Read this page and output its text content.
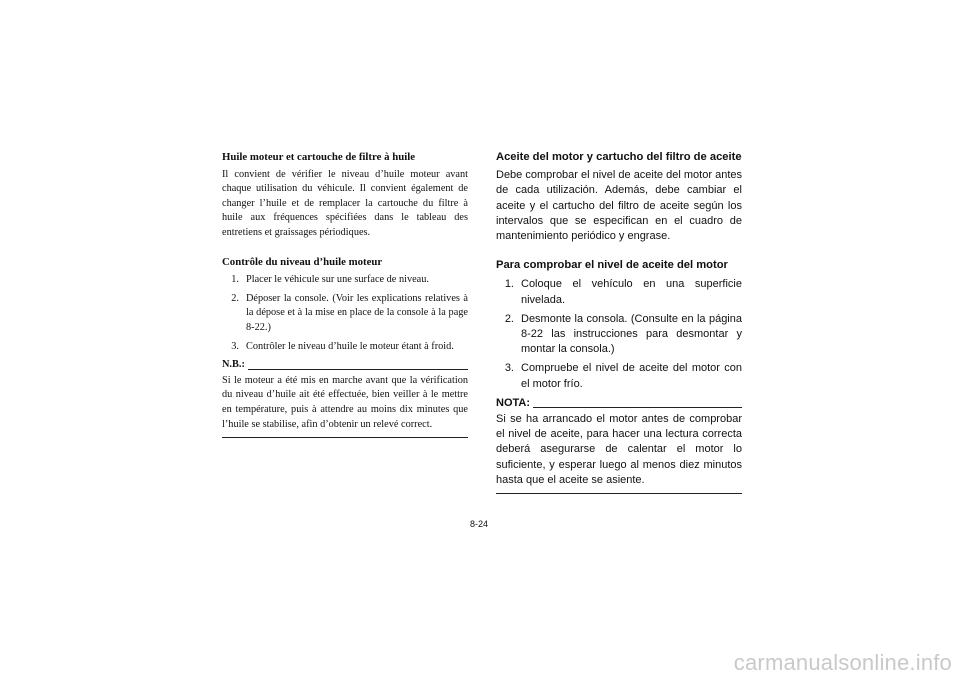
Huile moteur et cartouche de filtre à huile

Il convient de vérifier le niveau d’huile moteur avant chaque utilisation du véhicule. Il convient également de changer l’huile et de remplacer la cartouche du filtre à huile aux fréquences spécifiées dans le tableau des entretiens et graissages périodiques.

Contrôle du niveau d’huile moteur
1. Placer le véhicule sur une surface de niveau.
2. Déposer la console. (Voir les explications relatives à la dépose et à la mise en place de la console à la page 8-22.)
3. Contrôler le niveau d’huile le moteur étant à froid.
N.B.:

Si le moteur a été mis en marche avant que la vérification du niveau d’huile ait été effectuée, bien veiller à le mettre en température, puis à attendre au moins dix minutes que l’huile se stabilise, afin d’obtenir un relevé correct.

Aceite del motor y cartucho del filtro de aceite

Debe comprobar el nivel de aceite del motor antes de cada utilización. Además, debe cambiar el aceite y el cartucho del filtro de aceite según los intervalos que se especifican en el cuadro de mantenimiento periódico y engrase.

Para comprobar el nivel de aceite del motor
1. Coloque el vehículo en una superficie nivelada.
2. Desmonte la consola. (Consulte en la página 8-22 las instrucciones para desmontar y montar la consola.)
3. Compruebe el nivel de aceite del motor con el motor frío.
NOTA:

Si se ha arrancado el motor antes de comprobar el nivel de aceite, para hacer una lectura correcta deberá asegurarse de calentar el motor lo suficiente, y esperar luego al menos diez minutos hasta que el aceite se asiente.

8-24
carmanualsonline.info
